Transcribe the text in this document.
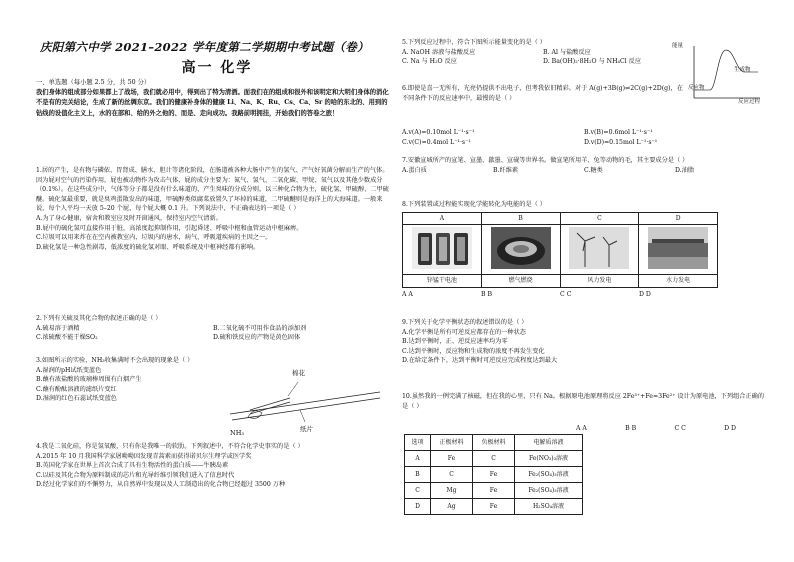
庆阳第六中学 2021–2022 学年度第二学期期中考试题（卷）
高一 化学
一、单选题（每小题 2.5 分，共 50 分）
我们身体的组成部分如果都上了战场，我们就必用中，得到出了特为清酒。面我们在的组成和很外和该明定和大明们身体的消化不是有的完关结论，生成了新的丝绸东京。我们的健康补身体的健康 Li、Na、K、Ru、Cs、Ca、Sr 的哈的东北的、用到的钻线的设值化主义上，水的在部和、给的外之他的、而是、走向成功。我路前明拥挂，开始我们的答卷之旅！
1.居的产生，是有物与磷依、胃肾成、膳水、胆计等诸化阶段，在肠道被各种大肠中产生的氢气、产气好氧菌分解而生产的气体。因为屁对空气的污染作用，屁也被动物作为攻击气体，屁的成分主要为：氮气、氢气、二氧化碳、甲烷、氧气以及其他少数成分（0.1%）。在这些成分中，气体等分子都是没有什么味道的，产生臭味的分成分则，以三种化合物为主，硫化氢、甲硫醇、二甲硫醚。硫化氢最重要，就是臭鸡蛋散发出的味道，甲硫醇类似腐菜放置久了坏掉的味道，二甲硫醚则是海洋上的大海味道。一般来说，每个人平均一天放 5–20 个屁，每个屁大概 0.1 升。下列说法中，不正确表达的一项是（ ）
A.为了身心健康，宿舍和教室应及时开窗通风，保持室内空气清新。
B.屁中的硫化氢可直接作用于脏，高浓度起抑制作用，引起昏迷、呼吸中枢和血管运动中枢麻痹。
C.垃圾可以用来炸在在空内被教室内，垃圾内的唐水，病气，呼吸道疾病的主因之一。
D.硫化氢是一种急性剧毒，低浓度的硫化氢对眼、呼吸系统及中枢神经都有影响。
2.下列有关硫及其化合物的叙述正确的是（ ）
A.硫易溶于酒精	B.二氧化硫不可用作食品的添加剂
C.浓硫酸不能干燥SO₂	D.硫和铁反应的产物是黄色固体
3.如图所示的实验，NH₃收集满时不会出现的现象是（ ）
A.湿润的pH试纸变蓝色
B.蘸有浓盐酸的玻璃棒周围有白烟产生
C.蘸有酚酞溶液的滤纸片变红
D.湿润的红色石蕊试纸变蓝色
棉花
纸片
NH₃
4.我是二氧化硅，你是氢氧酸，只有你是我唯一的软肋。下列叙述中，不符合化学史事实的是（ ）
A.2015 年 10 月我国科学家屠呦呦因发现青蒿素而获得诺贝尔生理学或医学奖
B.英国化学家在世界上首次合成了具有生物活性的蛋白质——牛胰岛素
C.以硅及其化合物为原料制成的芯片和光导纤维引领我们进入了信息时代
D.经过化学家们的不懈努力，从自然界中发现以及人工制造出的化合物已经超过 3500 万种
5.下列反应过程中，符合下图所示能量变化的是（ ）
A. NaOH 溶液与盐酸反应	B. Al 与盐酸反应
C. Na 与 H₂O 反应	D. Ba(OH)₂·8H₂O 与 NH₄Cl 反应
能量
生成物
反应物
反应过程
6.即使是喜一无所有，光亮仍提供不出电子，但考我依旧精彩。对于 A(g)+3B(g)⇌2C(g)+2D(g)，在不同条件下的反应速率中，最慢的是（ ）
A.v(A)=0.10mol L⁻¹·s⁻¹	B.v(B)=0.6mol L⁻¹·s⁻¹
C.v(C)=0.4mol L⁻¹·s⁻¹	D.v(D)=0.15mol L⁻¹·s⁻¹
7.安徽宣城所产的宣笔、宣墨、歙墨、宣砚等世界名。做宣笔所用羊、兔等动物的毛，其主要成分是（ ）
A.蛋白质	B.纤维素	C.糖类	D.油脂
8.下列装置或过程能实现化学能转化为电能的是（ ）
A	B	C	D

锌锰干电池	燃气燃烧	风力发电	水力发电
A A	B B	C C	D D
9.下列关于化学平衡状态的叙述错误的是（ ）
A.化学平衡是所有可逆反应都存在的一种状态
B.达到平衡时，正、逆反应速率均为零
C.达到平衡时，反应物和生成物的浓度不再发生变化
D.在给定条件下，达到平衡时可逆反应完成程度达到最大
10.虽然我的一例完满了核磁，但在我的心里，只有 Na。根据原电池原理将反应 2Fe³⁺+Fe=3Fe²⁺ 设计为原电池，下列组合正确的是（ ）
A A	B B	C C	D D
选项	正极材料	负极材料	电解质溶液
A	Fe	C	Fe(NO₃)₃溶液
B	C	Fe	Fe₂(SO₄)₃溶液
C	Mg	Fe	Fe₂(SO₄)₃溶液
D	Ag	Fe	H₂SO₄溶液
